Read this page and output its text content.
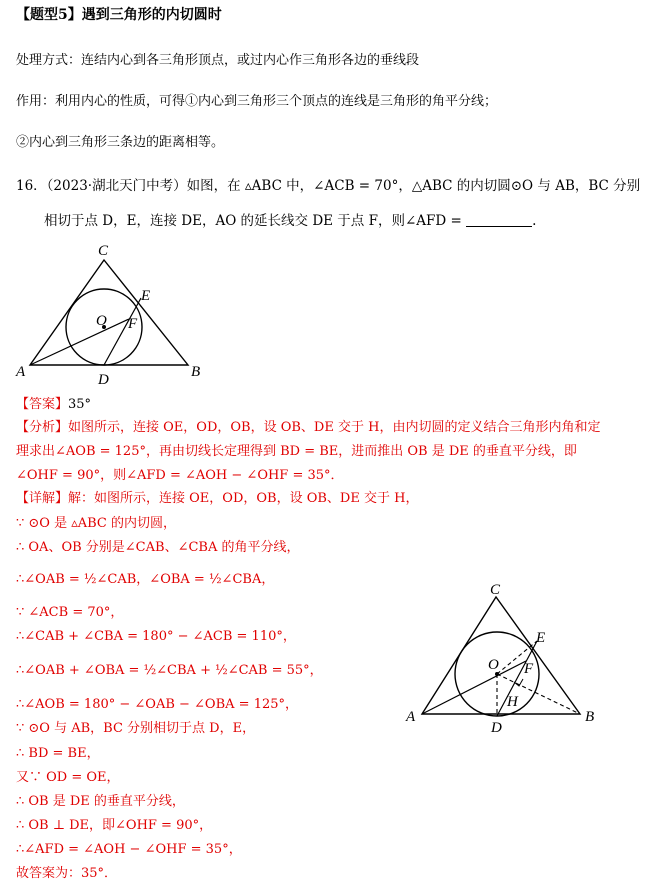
【题型5】遇到三角形的内切圆时
处理方式：连结内心到各三角形顶点，或过内心作三角形各边的垂线段
作用：利用内心的性质，可得①内心到三角形三个顶点的连线是三角形的角平分线；
②内心到三角形三条边的距离相等。
16．（2023·湖北天门中考）如图，在 ▵ABC 中，∠ACB = 70°，△ABC 的内切圆⊙O 与 AB，BC 分别
相切于点 D，E，连接 DE，AO 的延长线交 DE 于点 F，则∠AFD =	.
C
A	B
D
E
O F
【答案】35°
【分析】如图所示，连接 OE，OD，OB，设 OB、DE 交于 H，由内切圆的定义结合三角形内角和定
理求出∠AOB = 125°，再由切线长定理得到 BD = BE，进而推出 OB 是 DE 的垂直平分线，即
∠OHF = 90°，则∠AFD = ∠AOH − ∠OHF = 35°．
【详解】解：如图所示，连接 OE，OD，OB，设 OB、DE 交于 H，
∵ ⊙O 是 ▵ABC 的内切圆，
∴ OA、OB 分别是∠CAB、∠CBA 的角平分线，
∴∠OAB = ½∠CAB，∠OBA = ½∠CBA，
∵ ∠ACB = 70°，
∴∠CAB + ∠CBA = 180° − ∠ACB = 110°，
∴∠OAB + ∠OBA = ½∠CBA + ½∠CAB = 55°，
∴∠AOB = 180° − ∠OAB − ∠OBA = 125°，
∵ ⊙O 与 AB，BC 分别相切于点 D，E，
∴ BD = BE，
又∵ OD = OE，
∴ OB 是 DE 的垂直平分线，
∴ OB ⊥ DE，即∠OHF = 90°，
∴∠AFD = ∠AOH − ∠OHF = 35°，
故答案为：35°．
C
A	B
D
E
O F
H
